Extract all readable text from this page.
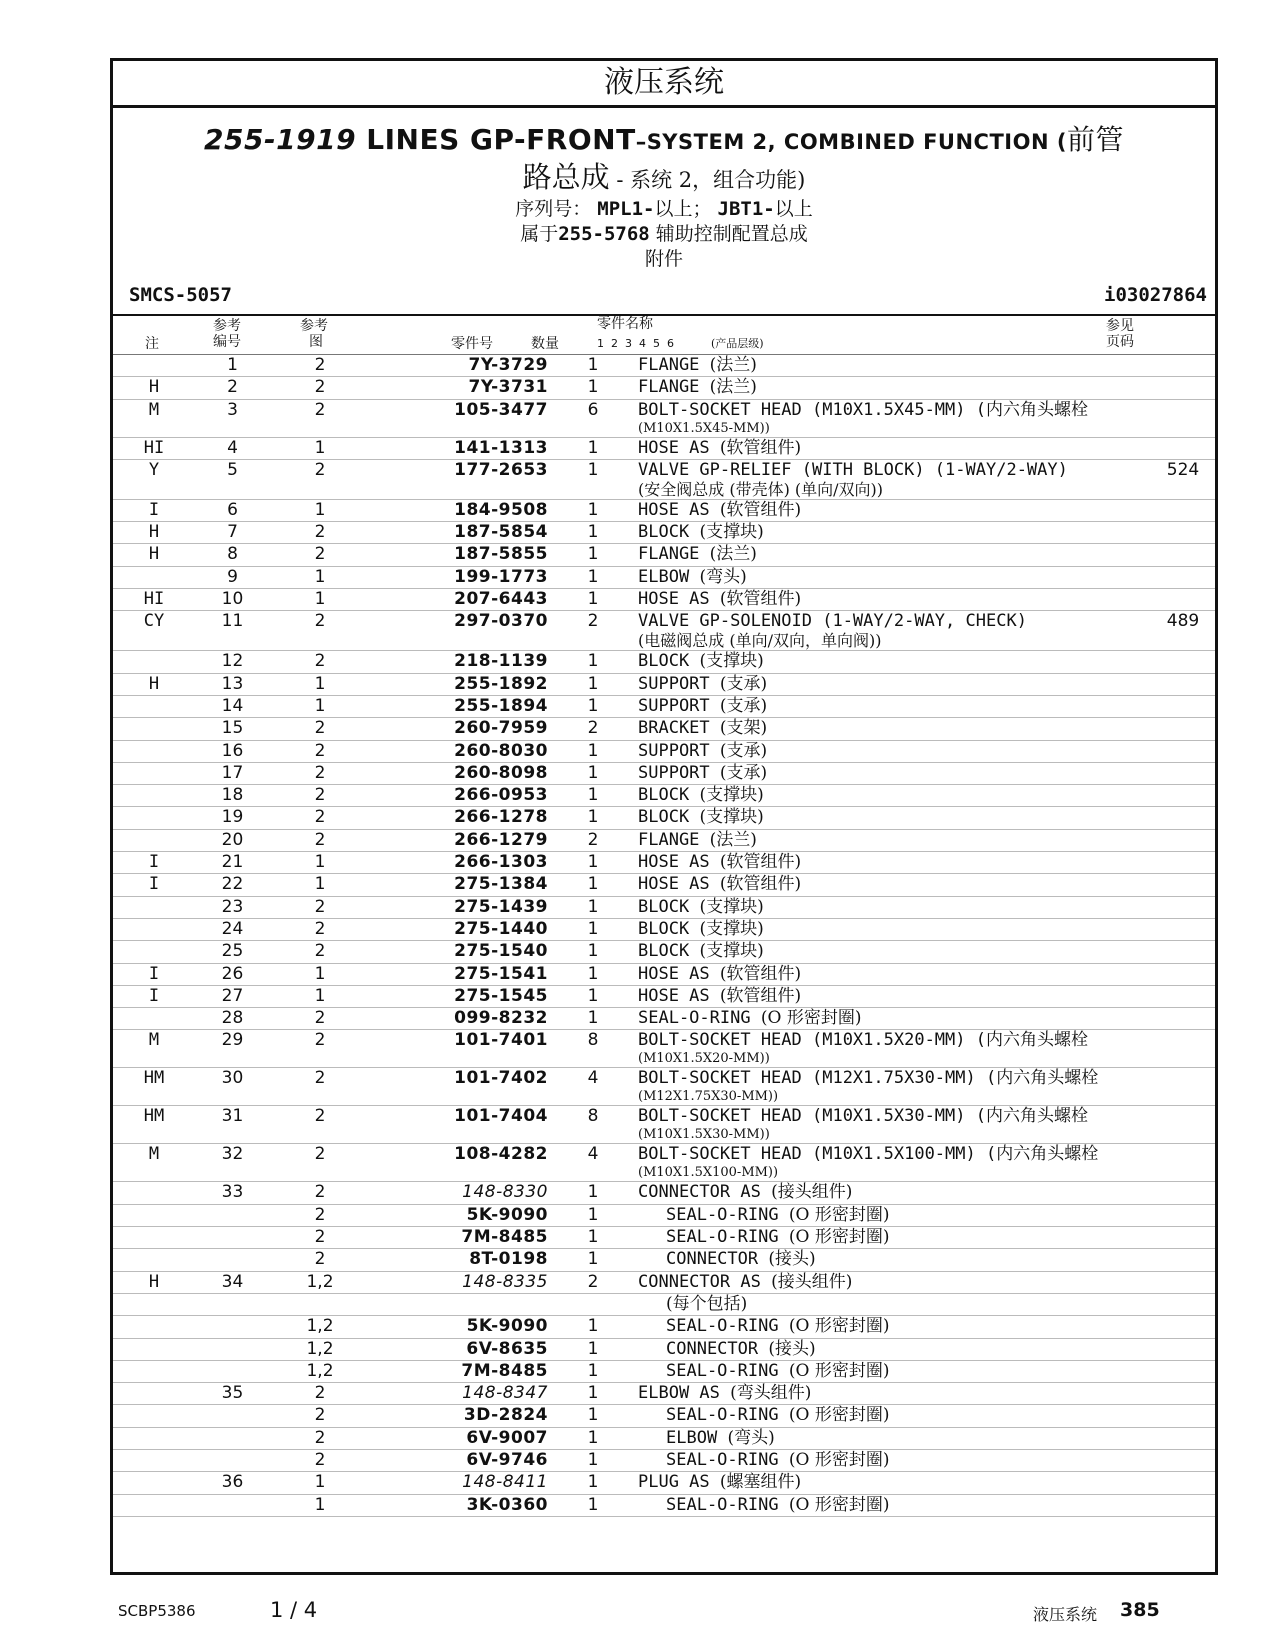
液压系统
255-1919 LINES GP-FRONT–SYSTEM 2, COMBINED FUNCTION (前管
路总成 - 系统 2，组合功能)
序列号： MPL1-以上； JBT1-以上
属于255-5768 辅助控制配置总成
附件
SMCS-5057	i03027864
注
参考
编号
参考
图	零件号	数量
零件名称
1  2  3  4  5  6	(产品层级)
参见
页码
	1	2	7Y-3729	1	FLANGE (法兰)	
H	2	2	7Y-3731	1	FLANGE (法兰)	
M	3	2	105-3477	6	BOLT-SOCKET HEAD (M10X1.5X45-MM) (内六角头螺栓
(M10X1.5X45-MM))	

HI	4	1	141-1313	1	HOSE AS (软管组件)	
Y	5	2	177-2653	1	VALVE GP-RELIEF (WITH BLOCK) (1-WAY/2-WAY)
(安全阀总成 (带壳体) (单向/双向))	524
I	6	1	184-9508	1	HOSE AS (软管组件)	
H	7	2	187-5854	1	BLOCK (支撑块)	
H	8	2	187-5855	1	FLANGE (法兰)	
	9	1	199-1773	1	ELBOW (弯头)	
HI	10	1	207-6443	1	HOSE AS (软管组件)	
CY	11	2	297-0370	2	VALVE GP-SOLENOID (1-WAY/2-WAY, CHECK)
(电磁阀总成 (单向/双向，单向阀))	489
	12	2	218-1139	1	BLOCK (支撑块)	
H	13	1	255-1892	1	SUPPORT (支承)	
	14	1	255-1894	1	SUPPORT (支承)	
	15	2	260-7959	2	BRACKET (支架)	
	16	2	260-8030	1	SUPPORT (支承)	
	17	2	260-8098	1	SUPPORT (支承)	
	18	2	266-0953	1	BLOCK (支撑块)	
	19	2	266-1278	1	BLOCK (支撑块)	
	20	2	266-1279	2	FLANGE (法兰)	
I	21	1	266-1303	1	HOSE AS (软管组件)	
I	22	1	275-1384	1	HOSE AS (软管组件)	
	23	2	275-1439	1	BLOCK (支撑块)	
	24	2	275-1440	1	BLOCK (支撑块)	
	25	2	275-1540	1	BLOCK (支撑块)	
I	26	1	275-1541	1	HOSE AS (软管组件)	
I	27	1	275-1545	1	HOSE AS (软管组件)	
	28	2	099-8232	1	SEAL-O-RING (O 形密封圈)	
M	29	2	101-7401	8	BOLT-SOCKET HEAD (M10X1.5X20-MM) (内六角头螺栓
(M10X1.5X20-MM))	

HM	30	2	101-7402	4	BOLT-SOCKET HEAD (M12X1.75X30-MM) (内六角头螺栓
(M12X1.75X30-MM))	

HM	31	2	101-7404	8	BOLT-SOCKET HEAD (M10X1.5X30-MM) (内六角头螺栓
(M10X1.5X30-MM))	

M	32	2	108-4282	4	BOLT-SOCKET HEAD (M10X1.5X100-MM) (内六角头螺栓
(M10X1.5X100-MM))	

	33	2	148-8330	1	CONNECTOR AS (接头组件)	
		2	5K-9090	1	SEAL-O-RING (O 形密封圈)	
		2	7M-8485	1	SEAL-O-RING (O 形密封圈)	
		2	8T-0198	1	CONNECTOR (接头)	
H	34	1,2	148-8335	2	CONNECTOR AS (接头组件)	
					(每个包括)	
		1,2	5K-9090	1	SEAL-O-RING (O 形密封圈)	
		1,2	6V-8635	1	CONNECTOR (接头)	
		1,2	7M-8485	1	SEAL-O-RING (O 形密封圈)	
	35	2	148-8347	1	ELBOW AS (弯头组件)	
		2	3D-2824	1	SEAL-O-RING (O 形密封圈)	
		2	6V-9007	1	ELBOW (弯头)	
		2	6V-9746	1	SEAL-O-RING (O 形密封圈)	
	36	1	148-8411	1	PLUG AS (螺塞组件)	
		1	3K-0360	1	SEAL-O-RING (O 形密封圈)	
SCBP5386	1 / 4	液压系统 385
